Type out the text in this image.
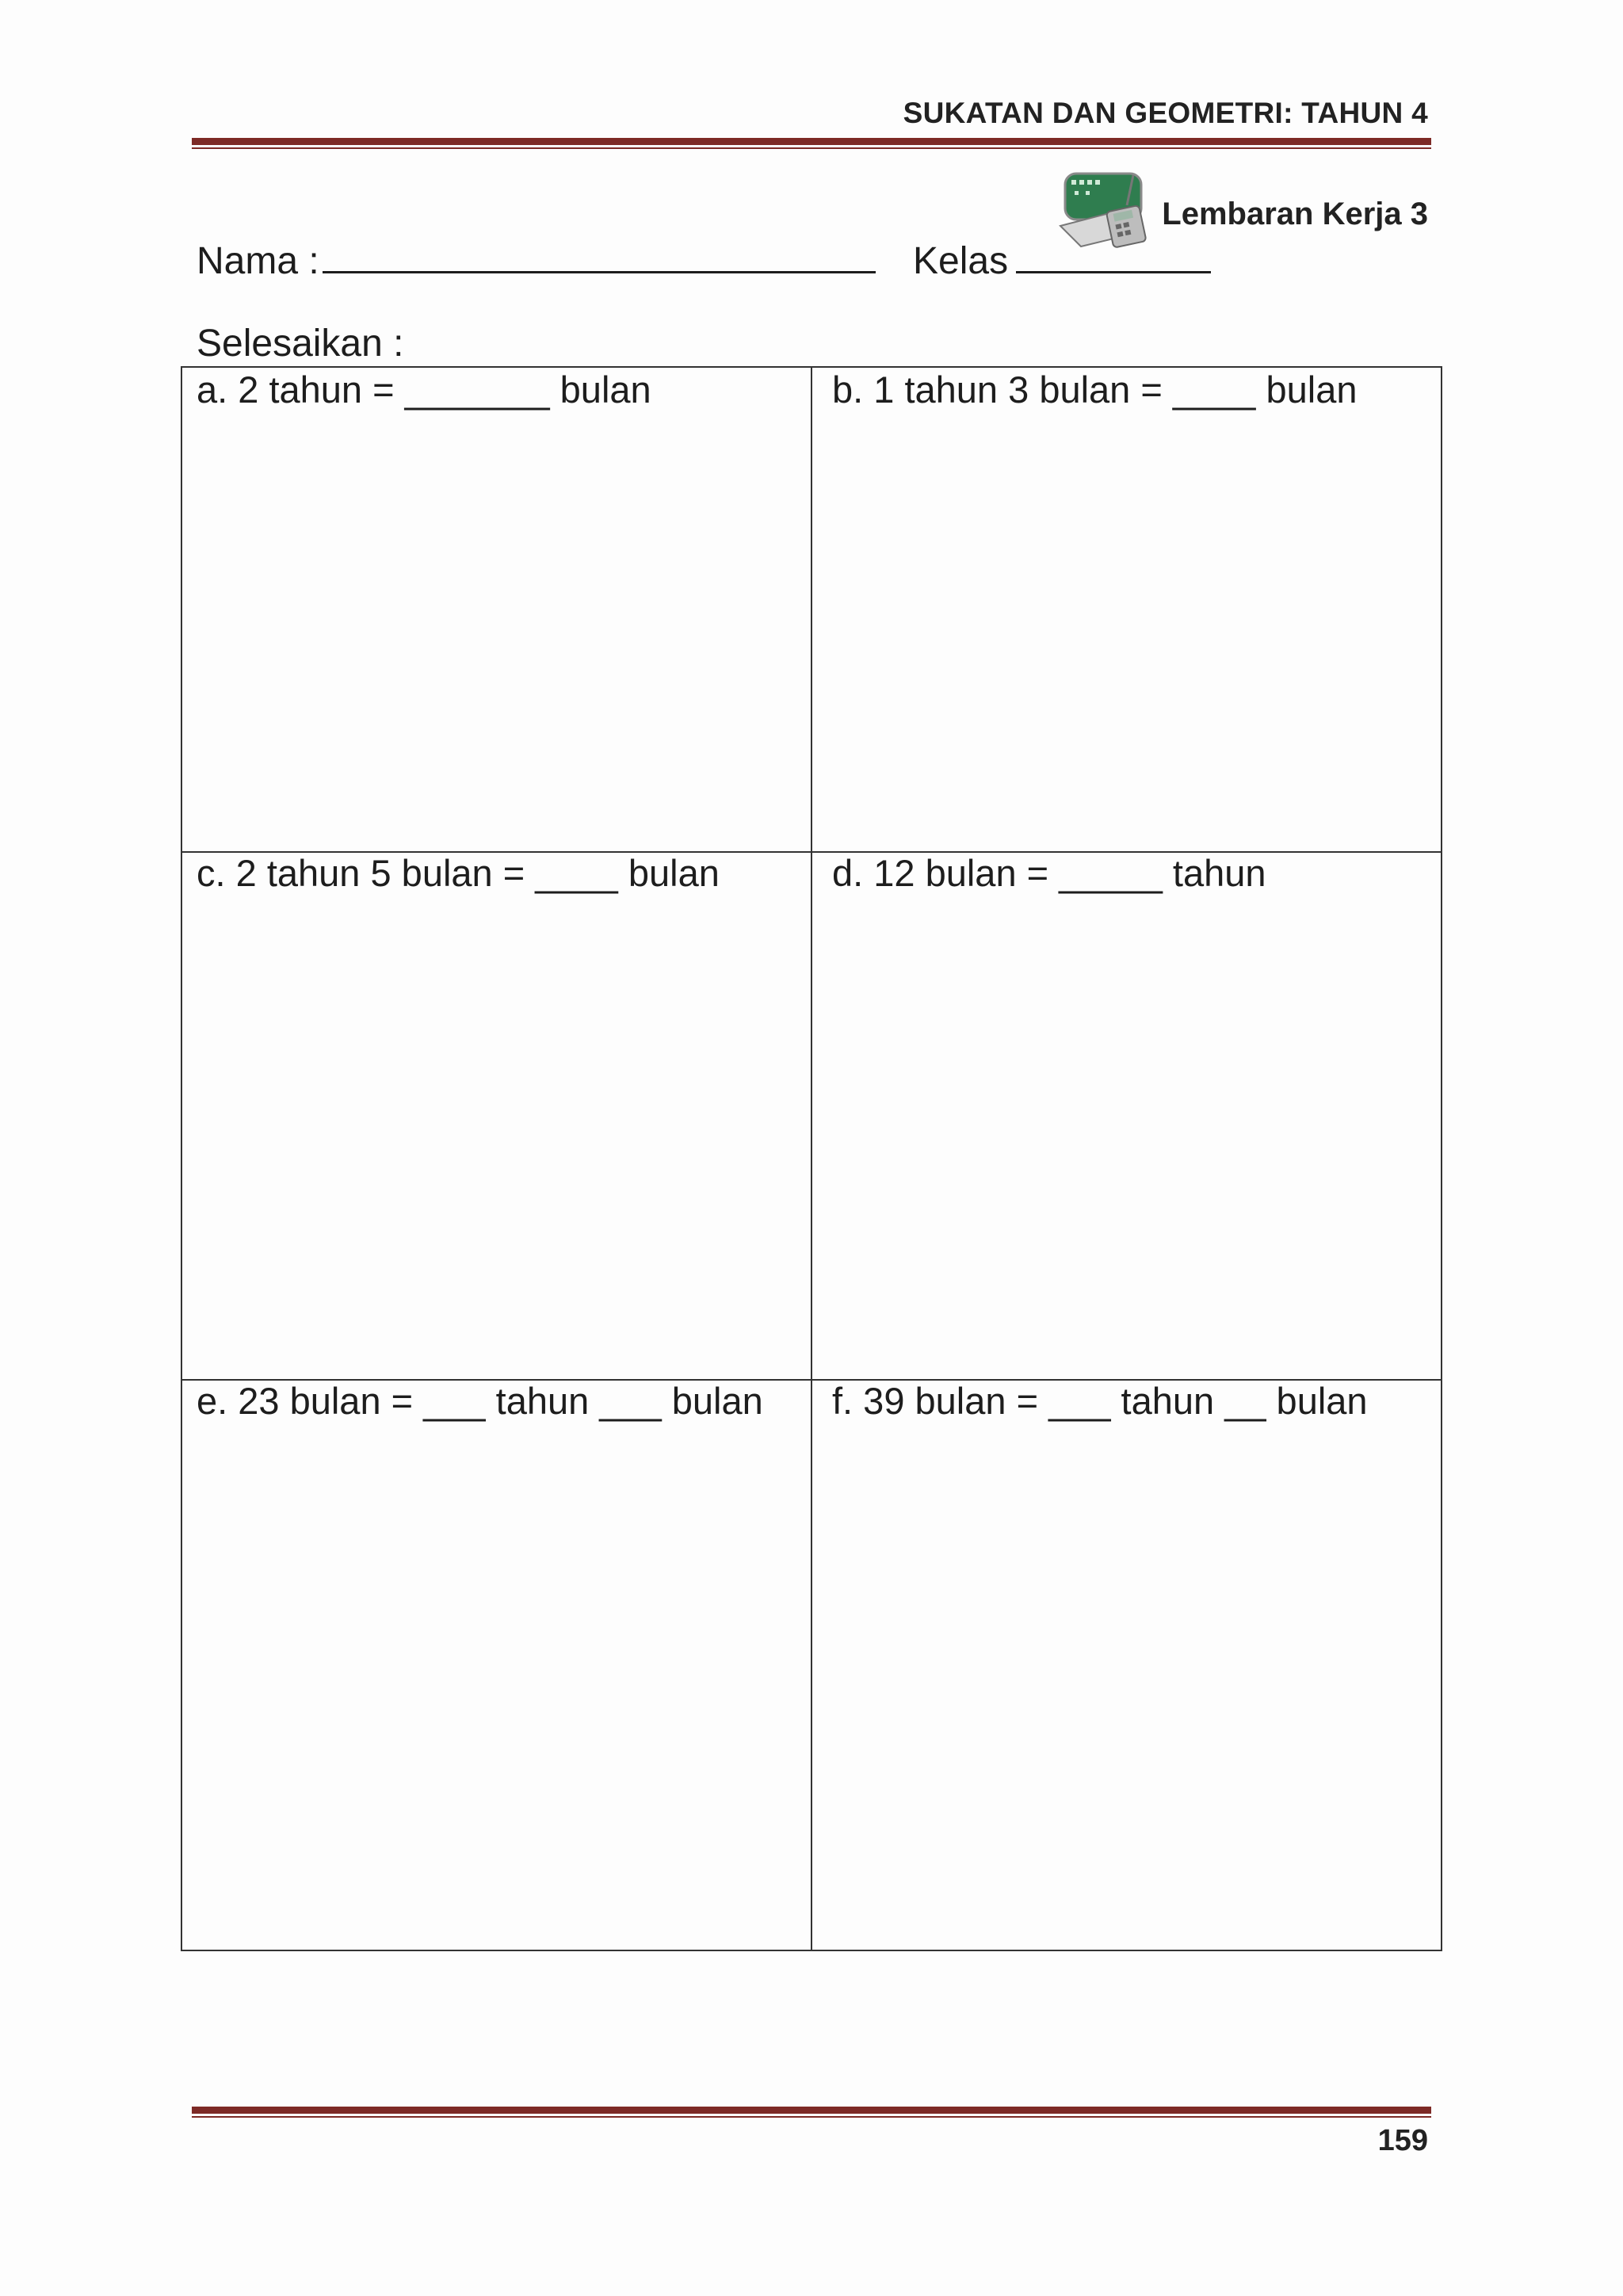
SUKATAN DAN GEOMETRI: TAHUN 4
Lembaran Kerja 3
Nama :	Kelas
Selesaikan :
a. 2 tahun = _______ bulan	b. 1 tahun 3 bulan = ____ bulan
c. 2 tahun 5 bulan = ____ bulan	d. 12 bulan = _____ tahun
e. 23 bulan = ___ tahun ___ bulan f. 39 bulan = ___ tahun __ bulan
159
